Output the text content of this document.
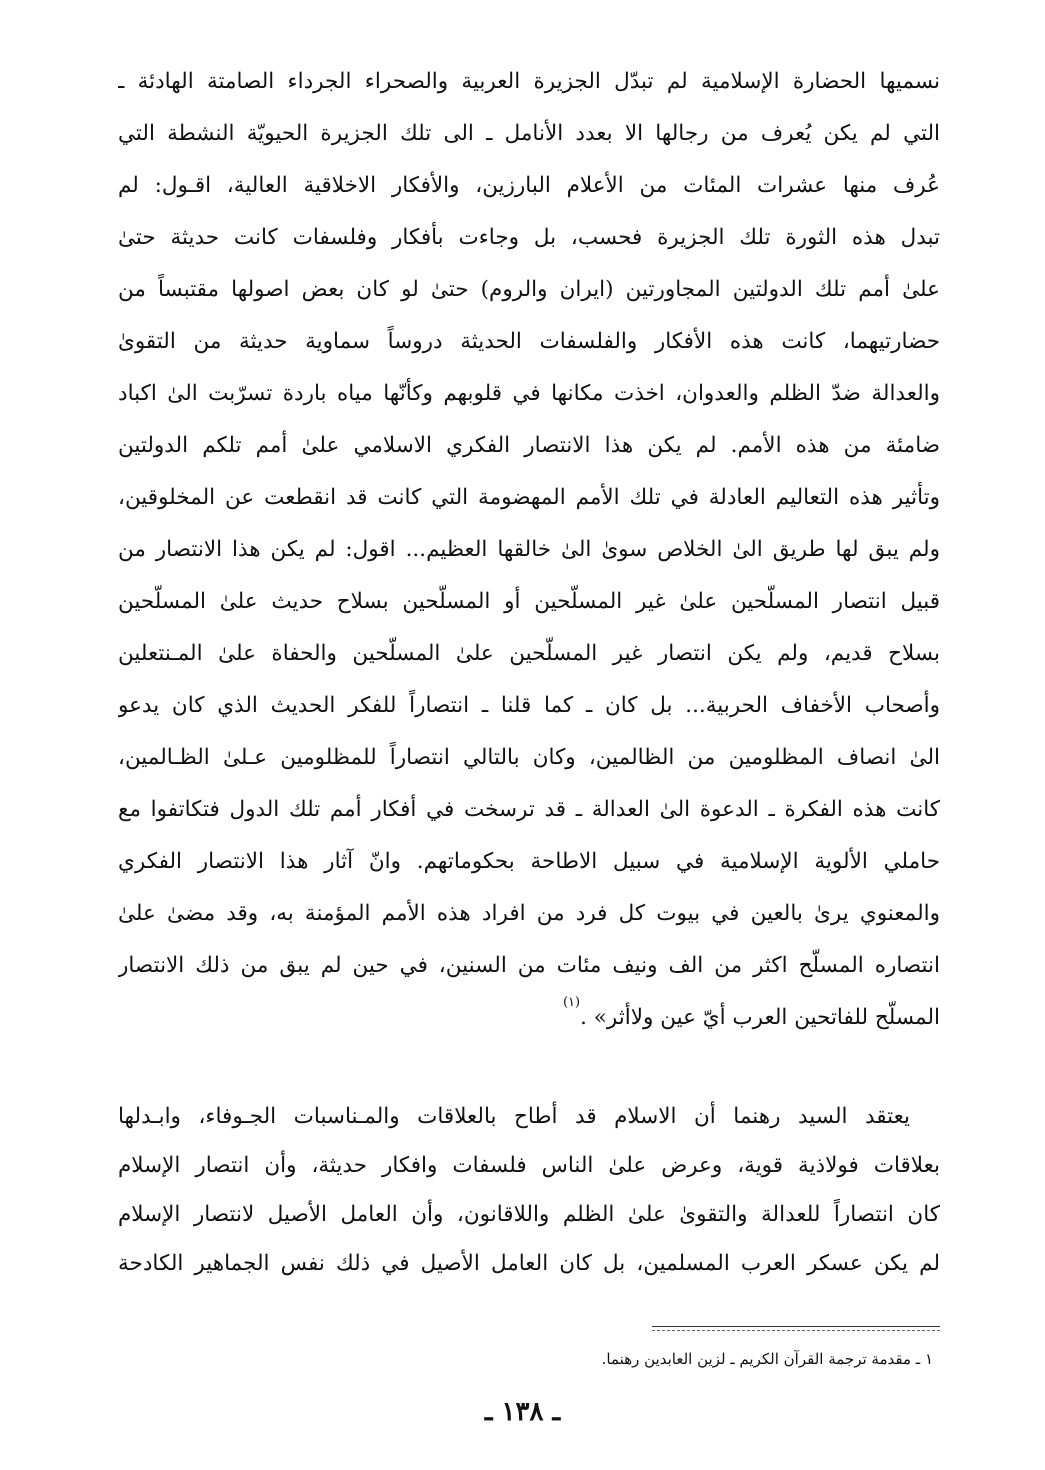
نسميها الحضارة الإسلامية لم تبدّل الجزيرة العربية والصحراء الجرداء الصامتة الهادئة ـ
التي لم يكن يُعرف من رجالها الا بعدد الأنامل ـ الى تلك الجزيرة الحيويّة النشطة التي
عُرف منها عشرات المئات من الأعلام البارزين، والأفكار الاخلاقية العالية، اقـول: لم
تبدل هذه الثورة تلك الجزيرة فحسب، بل وجاءت بأفكار وفلسفات كانت حديثة حتىٰ
علىٰ أمم تلك الدولتين المجاورتين (ايران والروم) حتىٰ لو كان بعض اصولها مقتبساً من
حضارتيهما، كانت هذه الأفكار والفلسفات الحديثة دروساً سماوية حديثة من التقوىٰ
والعدالة ضدّ الظلم والعدوان، اخذت مكانها في قلوبهم وكأنّها مياه باردة تسرّبت الىٰ اكباد
ضامئة من هذه الأمم. لم يكن هذا الانتصار الفكري الاسلامي علىٰ أمم تلكم الدولتين
وتأثير هذه التعاليم العادلة في تلك الأمم المهضومة التي كانت قد انقطعت عن المخلوقين،
ولم يبق لها طريق الىٰ الخلاص سوىٰ الىٰ خالقها العظيم... اقول: لم يكن هذا الانتصار من
قبيل انتصار المسلّحين علىٰ غير المسلّحين أو المسلّحين بسلاح حديث علىٰ المسلّحين
بسلاح قديم، ولم يكن انتصار غير المسلّحين علىٰ المسلّحين والحفاة علىٰ المـنتعلين
وأصحاب الأخفاف الحربية... بل كان ـ كما قلنا ـ انتصاراً للفكر الحديث الذي كان يدعو
الىٰ انصاف المظلومين من الظالمين، وكان بالتالي انتصاراً للمظلومين عـلىٰ الظـالمين،
كانت هذه الفكرة ـ الدعوة الىٰ العدالة ـ قد ترسخت في أفكار أمم تلك الدول فتكاتفوا مع
حاملي الألوية الإسلامية في سبيل الاطاحة بحكوماتهم. وانّ آثار هذا الانتصار الفكري
والمعنوي يرىٰ بالعين في بيوت كل فرد من افراد هذه الأمم المؤمنة به، وقد مضىٰ علىٰ
انتصاره المسلّح اكثر من الف ونيف مئات من السنين، في حين لم يبق من ذلك الانتصار
المسلّح للفاتحين العرب أيّ عين ولاأثر» .$^{(١)}$
يعتقد السيد رهنما أن الاسلام قد أطاح بالعلاقات والمـناسبات الجـوفاء، وابـدلها
بعلاقات فولاذية قوية، وعرض علىٰ الناس فلسفات وافكار حديثة، وأن انتصار الإسلام
كان انتصاراً للعدالة والتقوىٰ علىٰ الظلم واللاقانون، وأن العامل الأصيل لانتصار الإسلام
لم يكن عسكر العرب المسلمين، بل كان العامل الأصيل في ذلك نفس الجماهير الكادحة
١ ـ مقدمة ترجمة القرآن الكريم ـ لزين العابدين رهنما.
ـ ١٣٨ ـ
